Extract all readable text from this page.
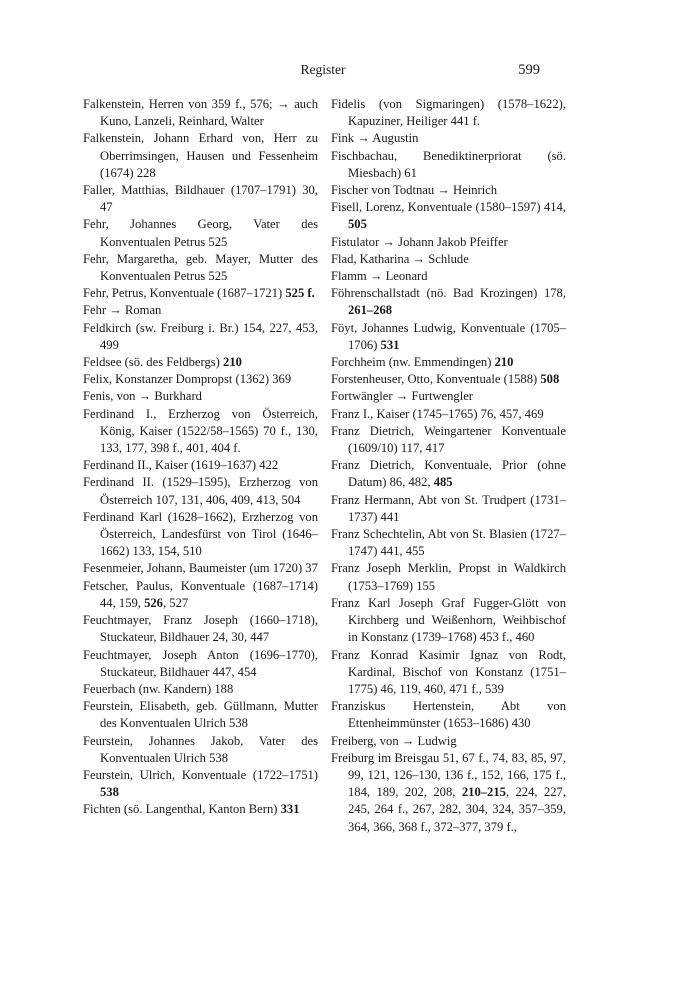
Register	599

Falkenstein, Herren von 359 f., 576; → auch Kuno, Lanzeli, Reinhard, Walter

Falkenstein, Johann Erhard von, Herr zu Oberrimsingen, Hausen und Fessenheim (1674) 228

Faller, Matthias, Bildhauer (1707–1791) 30, 47

Fehr, Johannes Georg, Vater des Konventualen Petrus 525

Fehr, Margaretha, geb. Mayer, Mutter des Konventualen Petrus 525

Fehr, Petrus, Konventuale (1687–1721) 525 f.

Fehr → Roman

Feldkirch (sw. Freiburg i. Br.) 154, 227, 453, 499

Feldsee (sö. des Feldbergs) 210

Felix, Konstanzer Dompropst (1362) 369

Fenis, von → Burkhard

Ferdinand I., Erzherzog von Österreich, König, Kaiser (1522/58–1565) 70 f., 130, 133, 177, 398 f., 401, 404 f.

Ferdinand II., Kaiser (1619–1637) 422

Ferdinand II. (1529–1595), Erzherzog von Österreich 107, 131, 406, 409, 413, 504

Ferdinand Karl (1628–1662), Erzherzog von Österreich, Landesfürst von Tirol (1646–1662) 133, 154, 510

Fesenmeier, Johann, Baumeister (um 1720) 37

Fetscher, Paulus, Konventuale (1687–1714) 44, 159, 526, 527

Feuchtmayer, Franz Joseph (1660–1718), Stuckateur, Bildhauer 24, 30, 447

Feuchtmayer, Joseph Anton (1696–1770), Stuckateur, Bildhauer 447, 454

Feuerbach (nw. Kandern) 188

Feurstein, Elisabeth, geb. Güllmann, Mutter des Konventualen Ulrich 538

Feurstein, Johannes Jakob, Vater des Konventualen Ulrich 538

Feurstein, Ulrich, Konventuale (1722–1751) 538

Fichten (sö. Langenthal, Kanton Bern) 331

Fidelis (von Sigmaringen) (1578–1622), Kapuziner, Heiliger 441 f.

Fink → Augustin

Fischbachau, Benediktinerpriorat (sö. Miesbach) 61

Fischer von Todtnau → Heinrich

Fisell, Lorenz, Konventuale (1580–1597) 414, 505

Fistulator → Johann Jakob Pfeiffer

Flad, Katharina → Schlude

Flamm → Leonard

Föhrenschallstadt (nö. Bad Krozingen) 178, 261–268

Föyt, Johannes Ludwig, Konventuale (1705–1706) 531

Forchheim (nw. Emmendingen) 210

Forstenheuser, Otto, Konventuale (1588) 508

Fortwängler → Furtwengler

Franz I., Kaiser (1745–1765) 76, 457, 469

Franz Dietrich, Weingartener Konventuale (1609/10) 117, 417

Franz Dietrich, Konventuale, Prior (ohne Datum) 86, 482, 485

Franz Hermann, Abt von St. Trudpert (1731–1737) 441

Franz Schechtelin, Abt von St. Blasien (1727–1747) 441, 455

Franz Joseph Merklin, Propst in Waldkirch (1753–1769) 155

Franz Karl Joseph Graf Fugger-Glött von Kirchberg und Weißenhorn, Weihbischof in Konstanz (1739–1768) 453 f., 460

Franz Konrad Kasimir Ignaz von Rodt, Kardinal, Bischof von Konstanz (1751–1775) 46, 119, 460, 471 f., 539

Franziskus Hertenstein, Abt von Ettenheimmünster (1653–1686) 430

Freiberg, von → Ludwig

Freiburg im Breisgau 51, 67 f., 74, 83, 85, 97, 99, 121, 126–130, 136 f., 152, 166, 175 f., 184, 189, 202, 208, 210–215, 224, 227, 245, 264 f., 267, 282, 304, 324, 357–359, 364, 366, 368 f., 372–377, 379 f.,
